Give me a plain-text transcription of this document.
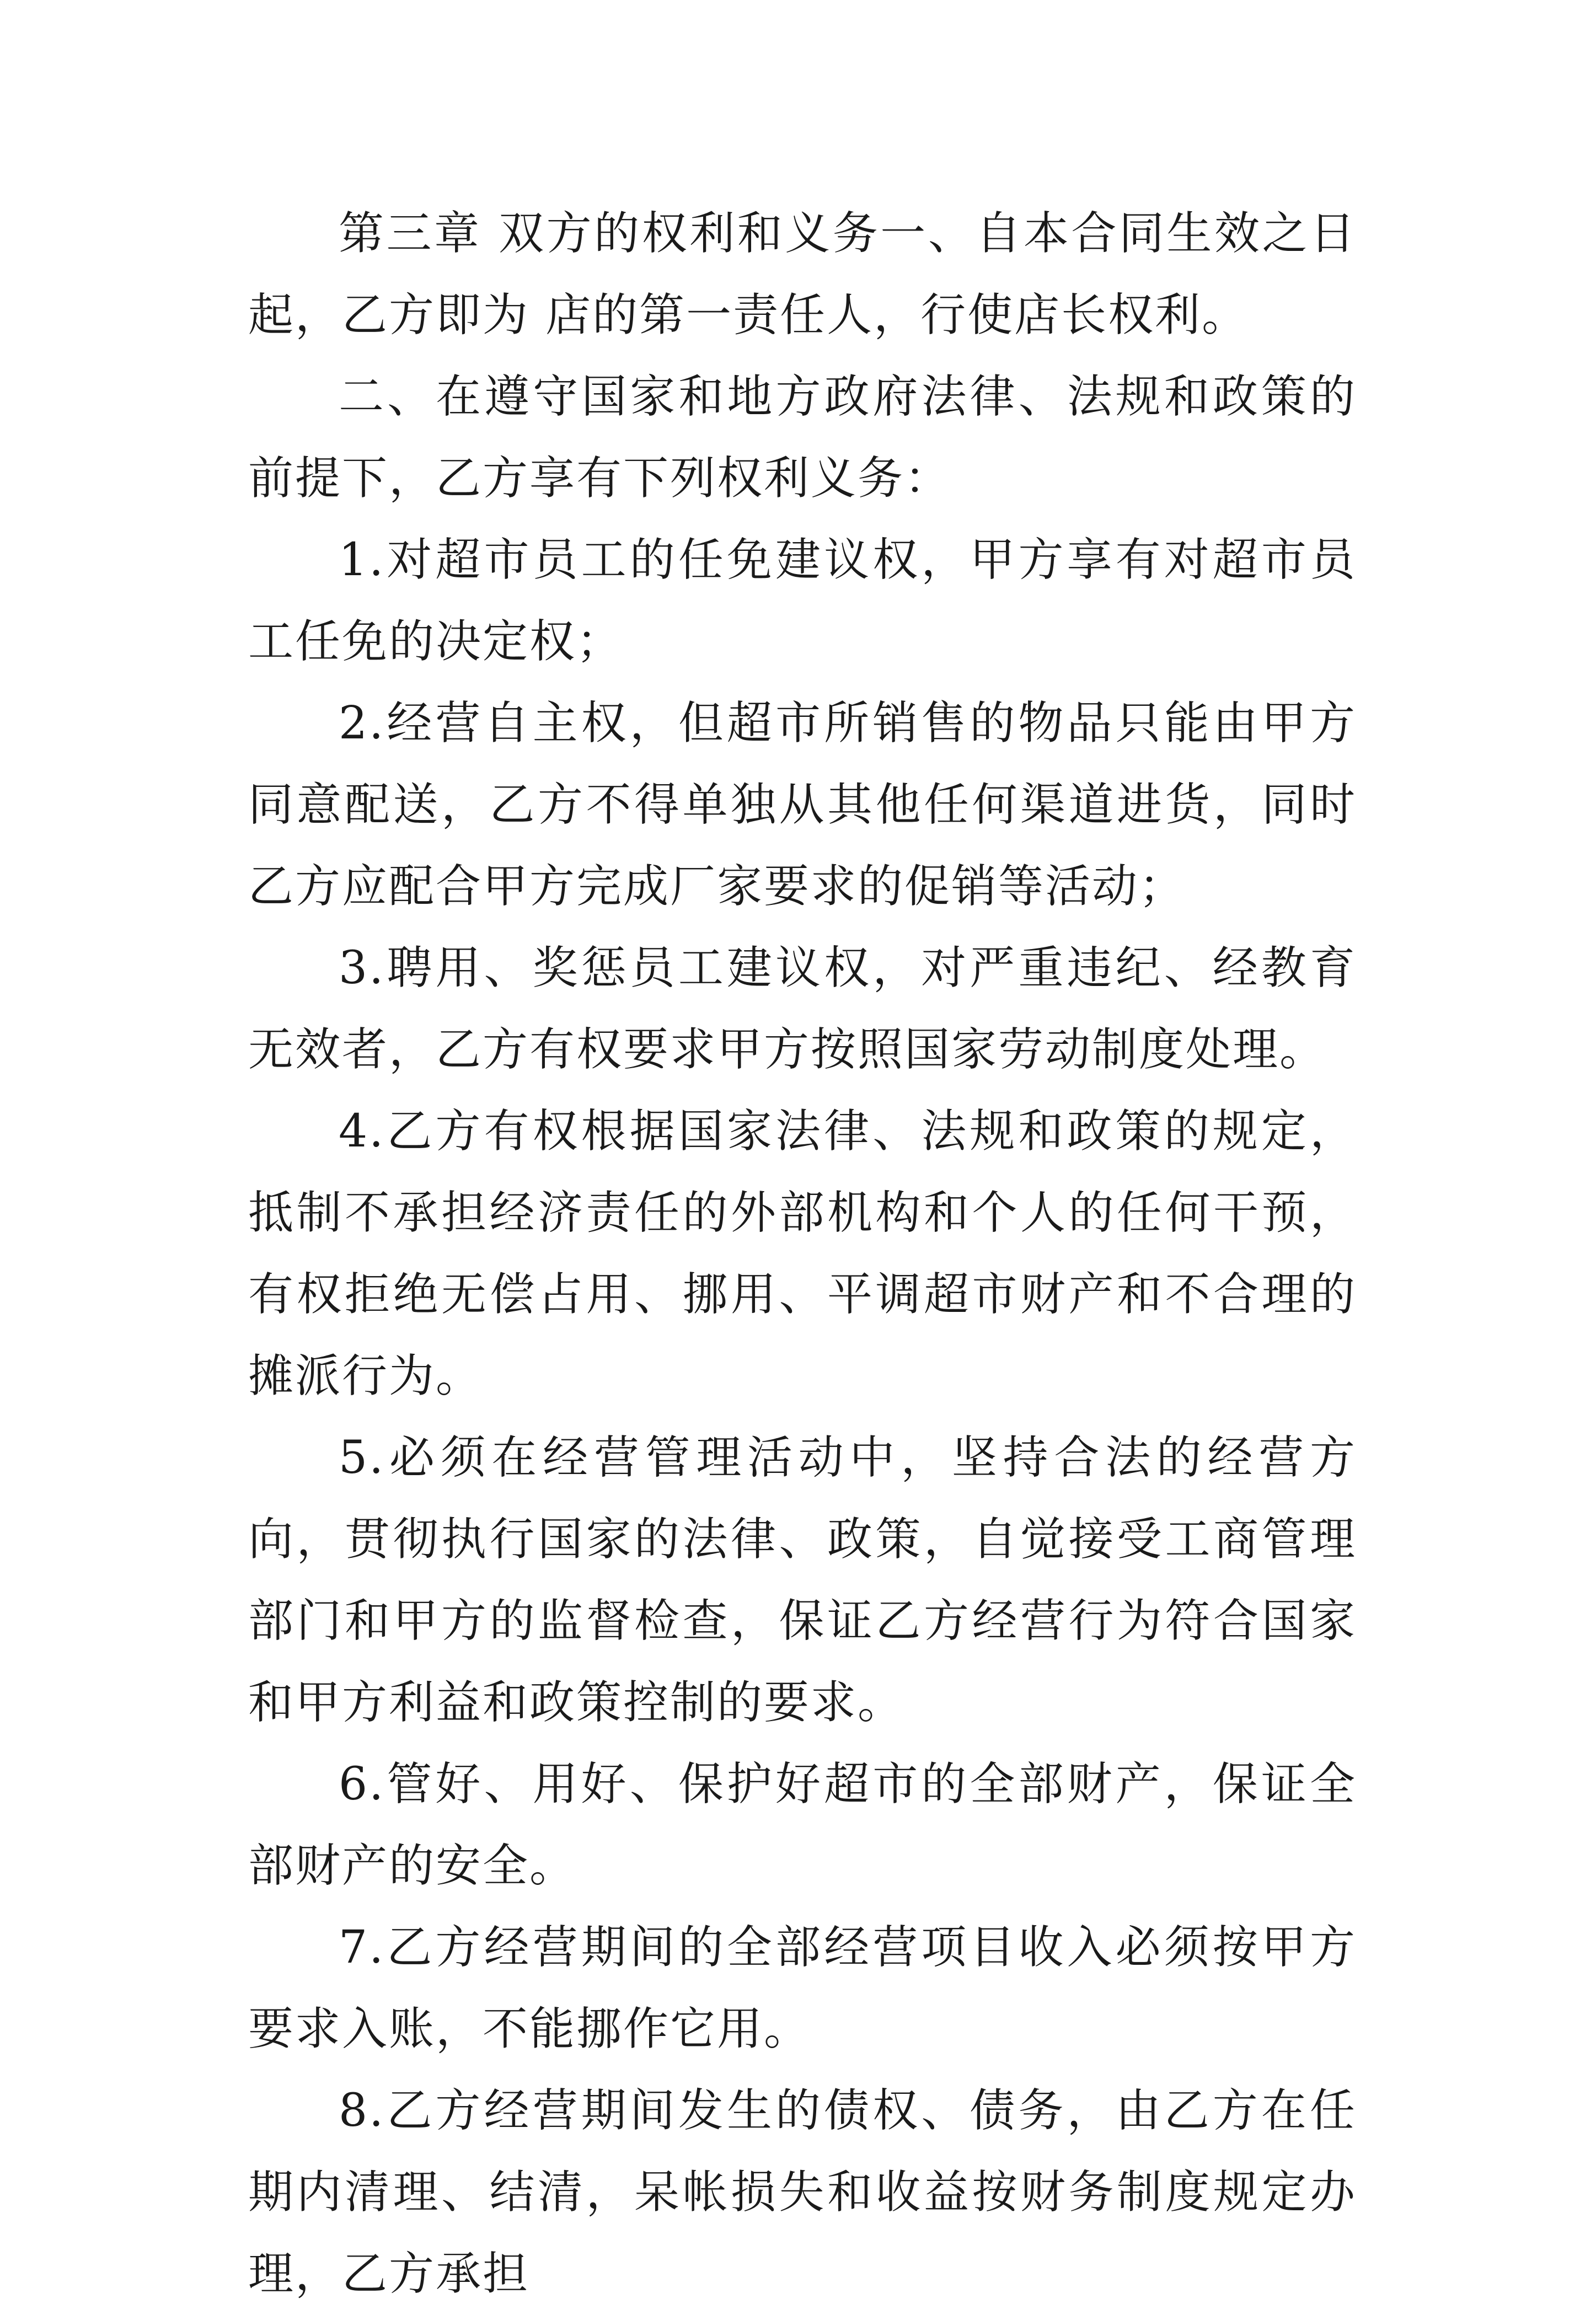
第三章 双方的权利和义务一、自本合同生效之日起，乙方即为 店的第一责任人，行使店长权利。

二、在遵守国家和地方政府法律、法规和政策的前提下，乙方享有下列权利义务：

1.对超市员工的任免建议权，甲方享有对超市员工任免的决定权；

2.经营自主权，但超市所销售的物品只能由甲方同意配送，乙方不得单独从其他任何渠道进货，同时乙方应配合甲方完成厂家要求的促销等活动；

3.聘用、奖惩员工建议权，对严重违纪、经教育无效者，乙方有权要求甲方按照国家劳动制度处理。

4.乙方有权根据国家法律、法规和政策的规定，抵制不承担经济责任的外部机构和个人的任何干预，有权拒绝无偿占用、挪用、平调超市财产和不合理的摊派行为。

5.必须在经营管理活动中，坚持合法的经营方向，贯彻执行国家的法律、政策，自觉接受工商管理部门和甲方的监督检查，保证乙方经营行为符合国家和甲方利益和政策控制的要求。

6.管好、用好、保护好超市的全部财产，保证全部财产的安全。

7.乙方经营期间的全部经营项目收入必须按甲方要求入账，不能挪作它用。

8.乙方经营期间发生的债权、债务，由乙方在任期内清理、结清，呆帐损失和收益按财务制度规定办理，乙方承担
